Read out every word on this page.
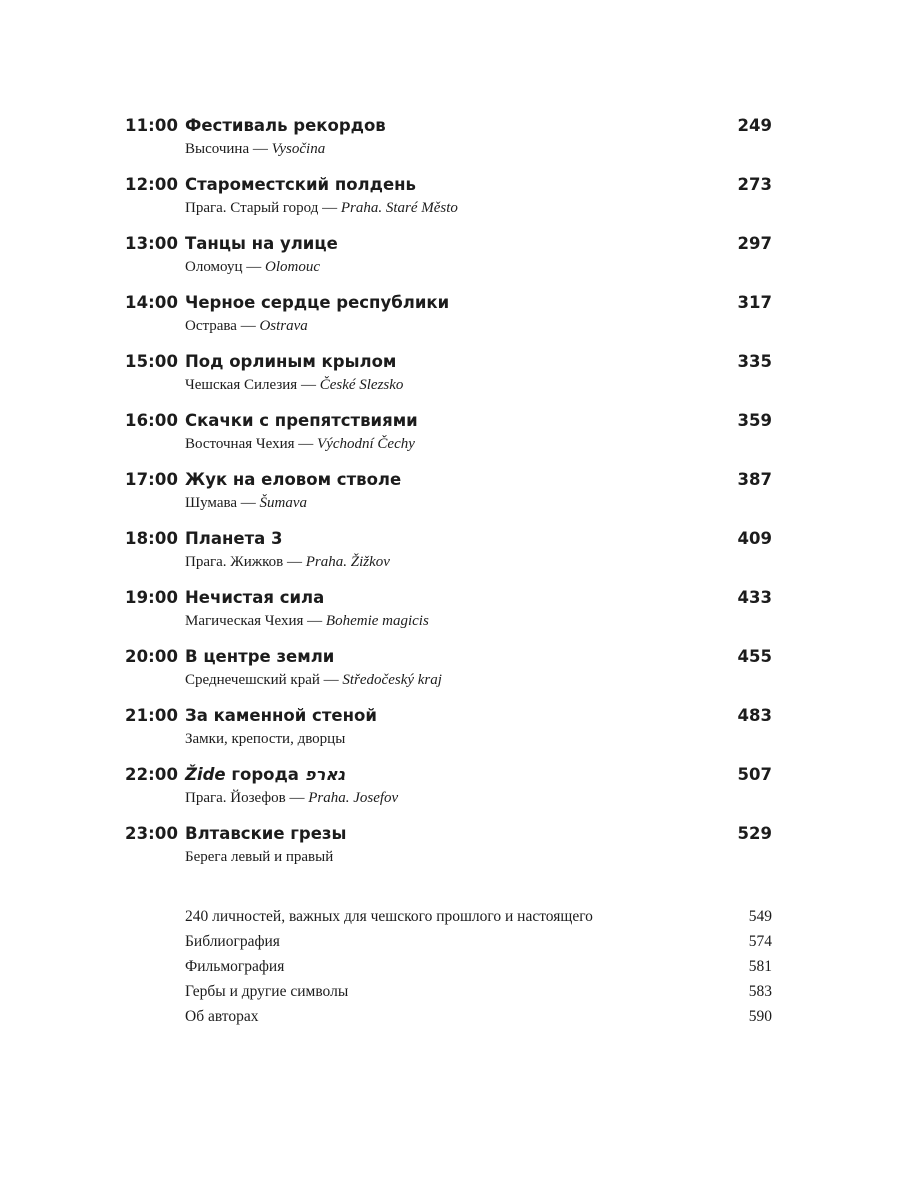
11:00 Фестиваль рекордов	249
Высочина — Vysočina
12:00 Староместский полдень	273
Прага. Старый город — Praha. Staré Město
13:00 Танцы на улице	297
Оломоуц — Olomouc
14:00 Черное сердце республики	317
Острава — Ostrava
15:00 Под орлиным крылом	335
Чешская Силезия — České Slezsko
16:00 Скачки с препятствиями	359
Восточная Чехия — Východní Čechy
17:00 Жук на еловом стволе	387
Шумава — Šumava
18:00 Планета 3	409
Прага. Жижков — Praha. Žižkov
19:00 Нечистая сила	433
Магическая Чехия — Bohemie magicis
20:00 В центре земли	455
Среднечешский край — Středočeský kraj
21:00 За каменной стеной	483
Замки, крепости, дворцы
22:00 Žide города גארפ	507
Прага. Йозефов — Praha. Josefov
23:00 Влтавские грезы	529
Берега левый и правый
240 личностей, важных для чешского прошлого и настоящего	549
Библиография	574
Фильмография	581
Гербы и другие символы	583
Об авторах	590
